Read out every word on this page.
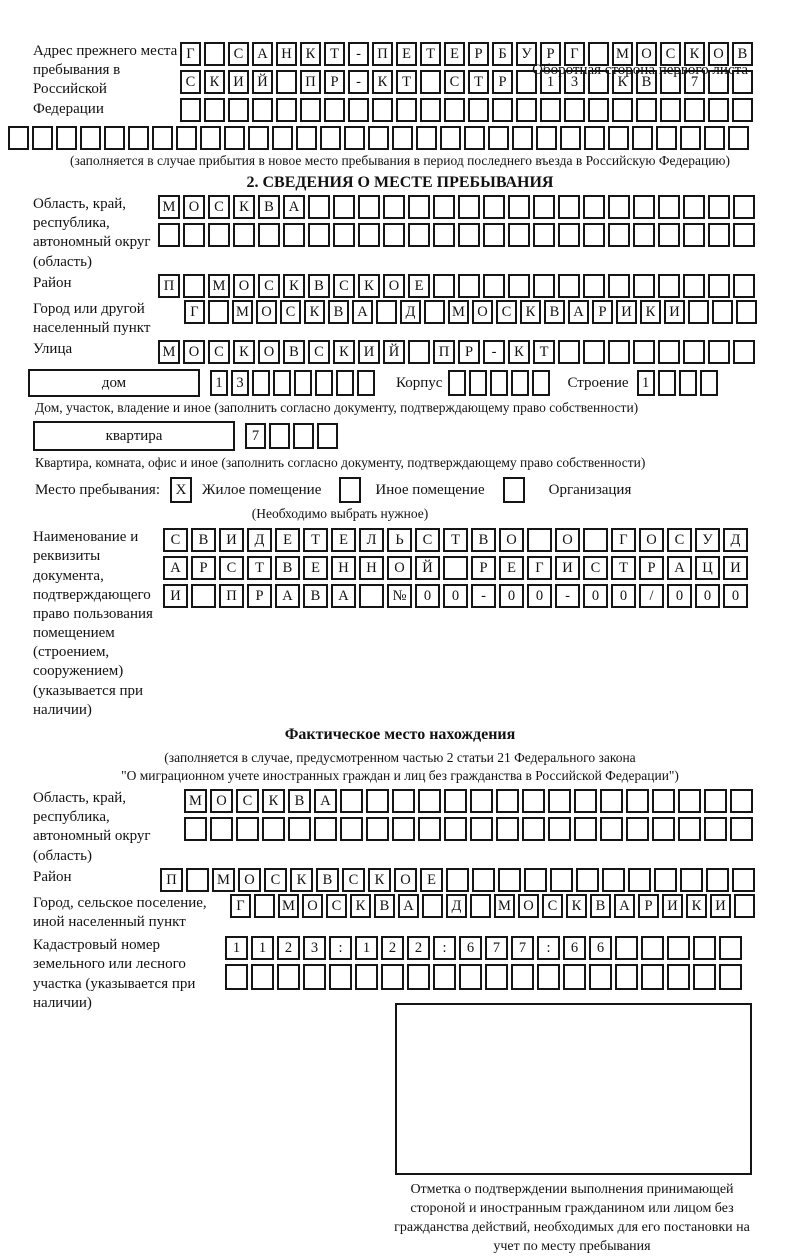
Оборотная сторона первого листа
Адрес прежнего места пребывания в Российской Федерации
Г	С А Н К	Т	-	П Е	Т	Е	Р	Б	У	Р	Г	М О С К О В
С К И Й	П	Р	-	К	Т	С	Т	Р	1	3	К В	7
(заполняется в случае прибытия в новое место пребывания в период последнего въезда в Российскую Федерацию)
2. СВЕДЕНИЯ О МЕСТЕ ПРЕБЫВАНИЯ
Область, край, республика, автономный округ (область)
М О	С	К	В	А
Район	П	М О	С	К	В	С	К	О	Е
Город или другой населенный пункт
Г	М О С К В А	Д	М О С К В А	Р	И К И
Улица	М О	С	К	О	В	С	К	И	Й	П	Р	-	К	Т
дом	1 3	Корпус	Строение 1
Дом, участок, владение и иное (заполнить согласно документу, подтверждающему право собственности)
квартира	7
Квартира, комната, офис и иное (заполнить согласно документу, подтверждающему право собственности)
Место пребывания:	X	Жилое помещение	Иное помещение	Организация
(Необходимо выбрать нужное)
Наименование и реквизиты документа, подтверждающего право пользования помещением (строением, сооружением) (указывается при наличии)
С	В	И	Д	Е	Т	Е	Л	Ь	С	Т	В	О	О	Г	О	С	У	Д
А	Р	С	Т	В	Е	Н	Н	О	Й	Р	Е	Г	И	С	Т	Р	А	Ц	И
И	П	Р	А	В	А	№	0	0	-	0	0	-	0	0	/	0	0	0
Фактическое место нахождения
(заполняется в случае, предусмотренном частью 2 статьи 21 Федерального закона
"О миграционном учете иностранных граждан и лиц без гражданства в Российской Федерации")
Область, край, республика, автономный округ (область)
М О	С	К	В	А
Район	П	М О	С	К	В	С	К	О	Е
Город, сельское поселение, иной населенный пункт
Г	М О С К В А	Д	М О С К В А	Р	И К И
Кадастровый номер земельного или лесного участка (указывается при наличии)
1	1	2	3	:	1	2	2	:	6	7	7	:	6	6
Отметка о подтверждении выполнения принимающей стороной и иностранным гражданином или лицом без гражданства действий, необходимых для его постановки на учет по месту пребывания
